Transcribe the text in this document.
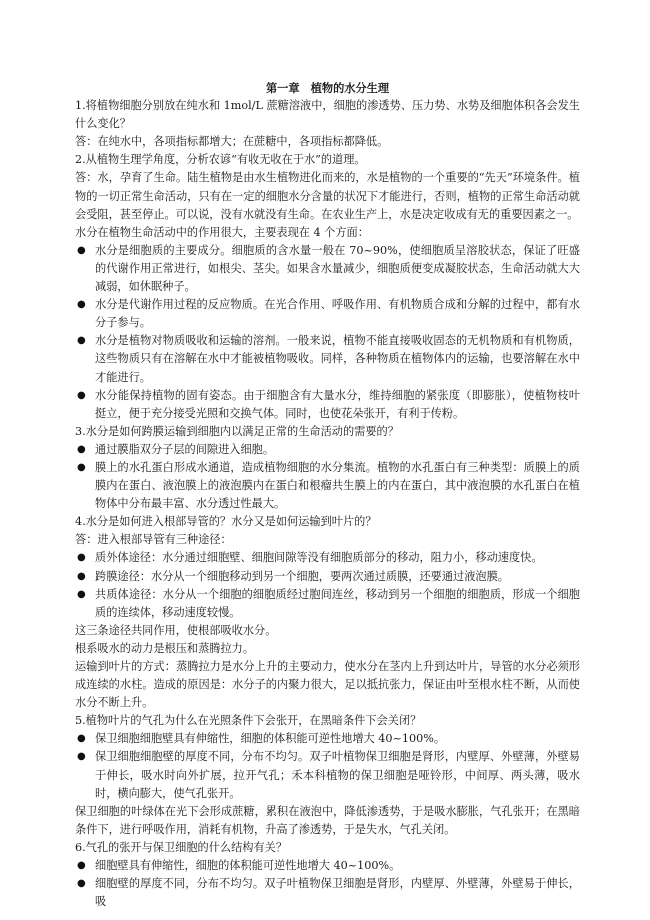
第一章　植物的水分生理

1.将植物细胞分别放在纯水和 1mol/L 蔗糖溶液中，细胞的渗透势、压力势、水势及细胞体积各会发生什么变化？

答：在纯水中，各项指标都增大；在蔗糖中，各项指标都降低。

2.从植物生理学角度，分析农谚“有收无收在于水”的道理。

答：水，孕育了生命。陆生植物是由水生植物进化而来的，水是植物的一个重要的“先天”环境条件。植物的一切正常生命活动，只有在一定的细胞水分含量的状况下才能进行，否则，植物的正常生命活动就会受阻，甚至停止。可以说，没有水就没有生命。在农业生产上，水是决定收成有无的重要因素之一。

水分在植物生命活动中的作用很大，主要表现在 4 个方面：

● 水分是细胞质的主要成分。细胞质的含水量一般在 70~90%，使细胞质呈溶胶状态，保证了旺盛的代谢作用正常进行，如根尖、茎尖。如果含水量减少，细胞质便变成凝胶状态，生命活动就大大减弱，如休眠种子。

● 水分是代谢作用过程的反应物质。在光合作用、呼吸作用、有机物质合成和分解的过程中，都有水分子参与。

● 水分是植物对物质吸收和运输的溶剂。一般来说，植物不能直接吸收固态的无机物质和有机物质，这些物质只有在溶解在水中才能被植物吸收。同样，各种物质在植物体内的运输，也要溶解在水中才能进行。

● 水分能保持植物的固有姿态。由于细胞含有大量水分，维持细胞的紧张度（即膨胀），使植物枝叶挺立，便于充分接受光照和交换气体。同时，也使花朵张开，有利于传粉。

3.水分是如何跨膜运输到细胞内以满足正常的生命活动的需要的？

● 通过膜脂双分子层的间隙进入细胞。

● 膜上的水孔蛋白形成水通道，造成植物细胞的水分集流。植物的水孔蛋白有三种类型：质膜上的质膜内在蛋白、液泡膜上的液泡膜内在蛋白和根瘤共生膜上的内在蛋白，其中液泡膜的水孔蛋白在植物体中分布最丰富、水分透过性最大。

4.水分是如何进入根部导管的？水分又是如何运输到叶片的？

答：进入根部导管有三种途径：

● 质外体途径：水分通过细胞壁、细胞间隙等没有细胞质部分的移动，阻力小，移动速度快。

● 跨膜途径：水分从一个细胞移动到另一个细胞，要两次通过质膜，还要通过液泡膜。

● 共质体途径：水分从一个细胞的细胞质经过胞间连丝，移动到另一个细胞的细胞质，形成一个细胞质的连续体，移动速度较慢。

这三条途径共同作用，使根部吸收水分。

根系吸水的动力是根压和蒸腾拉力。

运输到叶片的方式：蒸腾拉力是水分上升的主要动力，使水分在茎内上升到达叶片，导管的水分必须形成连续的水柱。造成的原因是：水分子的内聚力很大，足以抵抗张力，保证由叶至根水柱不断，从而使水分不断上升。

5.植物叶片的气孔为什么在光照条件下会张开，在黑暗条件下会关闭？

● 保卫细胞细胞壁具有伸缩性，细胞的体积能可逆性地增大 40~100%。

● 保卫细胞细胞壁的厚度不同，分布不均匀。双子叶植物保卫细胞是肾形，内壁厚、外壁薄，外壁易于伸长，吸水时向外扩展，拉开气孔；禾本科植物的保卫细胞是哑铃形，中间厚、两头薄，吸水时，横向膨大，使气孔张开。

保卫细胞的叶绿体在光下会形成蔗糖，累积在液泡中，降低渗透势，于是吸水膨胀，气孔张开；在黑暗条件下，进行呼吸作用，消耗有机物，升高了渗透势，于是失水，气孔关闭。

6.气孔的张开与保卫细胞的什么结构有关？

● 细胞壁具有伸缩性，细胞的体积能可逆性地增大 40~100%。

● 细胞壁的厚度不同，分布不均匀。双子叶植物保卫细胞是肾形，内壁厚、外壁薄，外壁易于伸长，吸
